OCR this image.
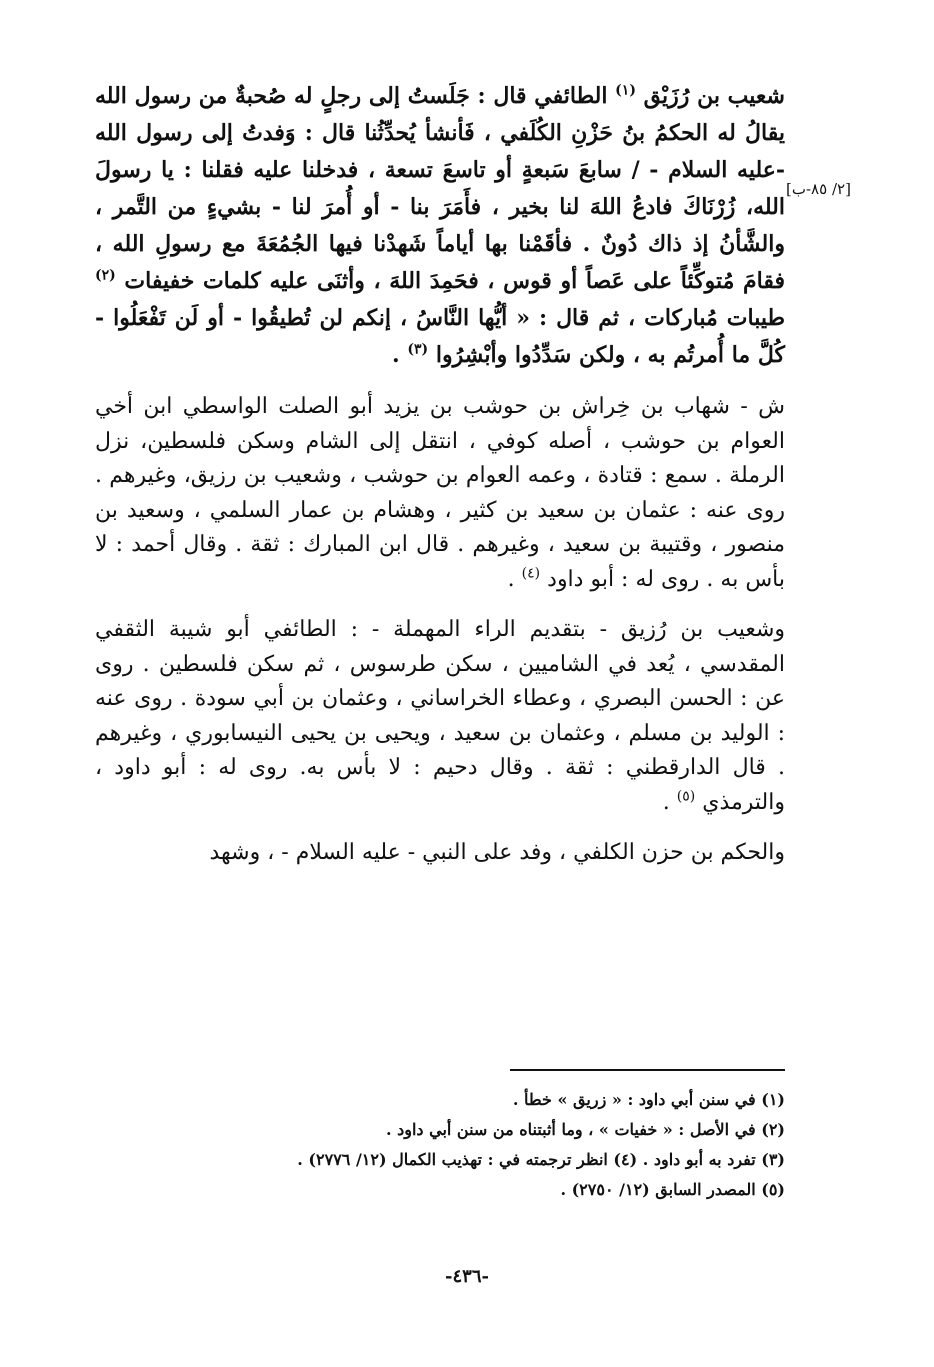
شعيب بن رُزَيْق $^{(١)}$ الطائفي قال : جَلَستُ إلى رجلٍ له صُحبةٌ من رسول الله يقالُ له الحكمُ بنُ حَزْنِ الكُلَفي ، فَأنشأ يُحدِّثُنا قال : وَفدتُ إلى رسول الله -عليه السلام - / سابعَ سَبعةٍ أو تاسعَ تسعة ، فدخلنا عليه فقلنا : يا رسولَ الله، زُرْنَاكَ فادعُ اللهَ لنا بخير ، فأَمَرَ بنا - أو أُمرَ لنا - بشيءٍ من التَّمر ، والشَّأنُ إذ ذاك دُونٌ . فأقَمْنا بها أياماً شَهدْنا فيها الجُمُعَةَ مع رسولِ الله ، فقامَ مُتوكِّئاً على عَصاً أو قوس ، فحَمِدَ اللهَ ، وأثنَى عليه كلمات خفيفات $^{(٢)}$ طيبات مُباركات ، ثم قال : « أيُّها النَّاسُ ، إنكم لن تُطيقُوا - أو لَن تَفْعَلُوا - كُلَّ ما أُمرتُم به ، ولكن سَدِّدُوا وأبْشِرُوا $^{(٣)}$ .

ش - شهاب بن خِراش بن حوشب بن يزيد أبو الصلت الواسطي ابن أخي العوام بن حوشب ، أصله كوفي ، انتقل إلى الشام وسكن فلسطين، نزل الرملة . سمع : قتادة ، وعمه العوام بن حوشب ، وشعيب بن رزيق، وغيرهم . روى عنه : عثمان بن سعيد بن كثير ، وهشام بن عمار السلمي ، وسعيد بن منصور ، وقتيبة بن سعيد ، وغيرهم . قال ابن المبارك : ثقة . وقال أحمد : لا بأس به . روى له : أبو داود $^{(٤)}$ .

وشعيب بن رُزيق - بتقديم الراء المهملة - : الطائفي أبو شيبة الثقفي المقدسي ، يُعد في الشاميين ، سكن طرسوس ، ثم سكن فلسطين . روى عن : الحسن البصري ، وعطاء الخراساني ، وعثمان بن أبي سودة . روى عنه : الوليد بن مسلم ، وعثمان بن سعيد ، ويحيى بن يحيى النيسابوري ، وغيرهم . قال الدارقطني : ثقة . وقال دحيم : لا بأس به. روى له : أبو داود ، والترمذي $^{(٥)}$ .

والحكم بن حزن الكلفي ، وفد على النبي - عليه السلام - ، وشهد

[٢/ ٨٥-ب]

(١) في سنن أبي داود : « زريق » خطأ .

(٢) في الأصل : « خفيات » ، وما أثبتناه من سنن أبي داود .

(٣) تفرد به أبو داود . (٤) انظر ترجمته في : تهذيب الكمال (١٢/ ٢٧٧٦) .

(٥) المصدر السابق (١٢/ ٢٧٥٠) .

-٤٣٦-
